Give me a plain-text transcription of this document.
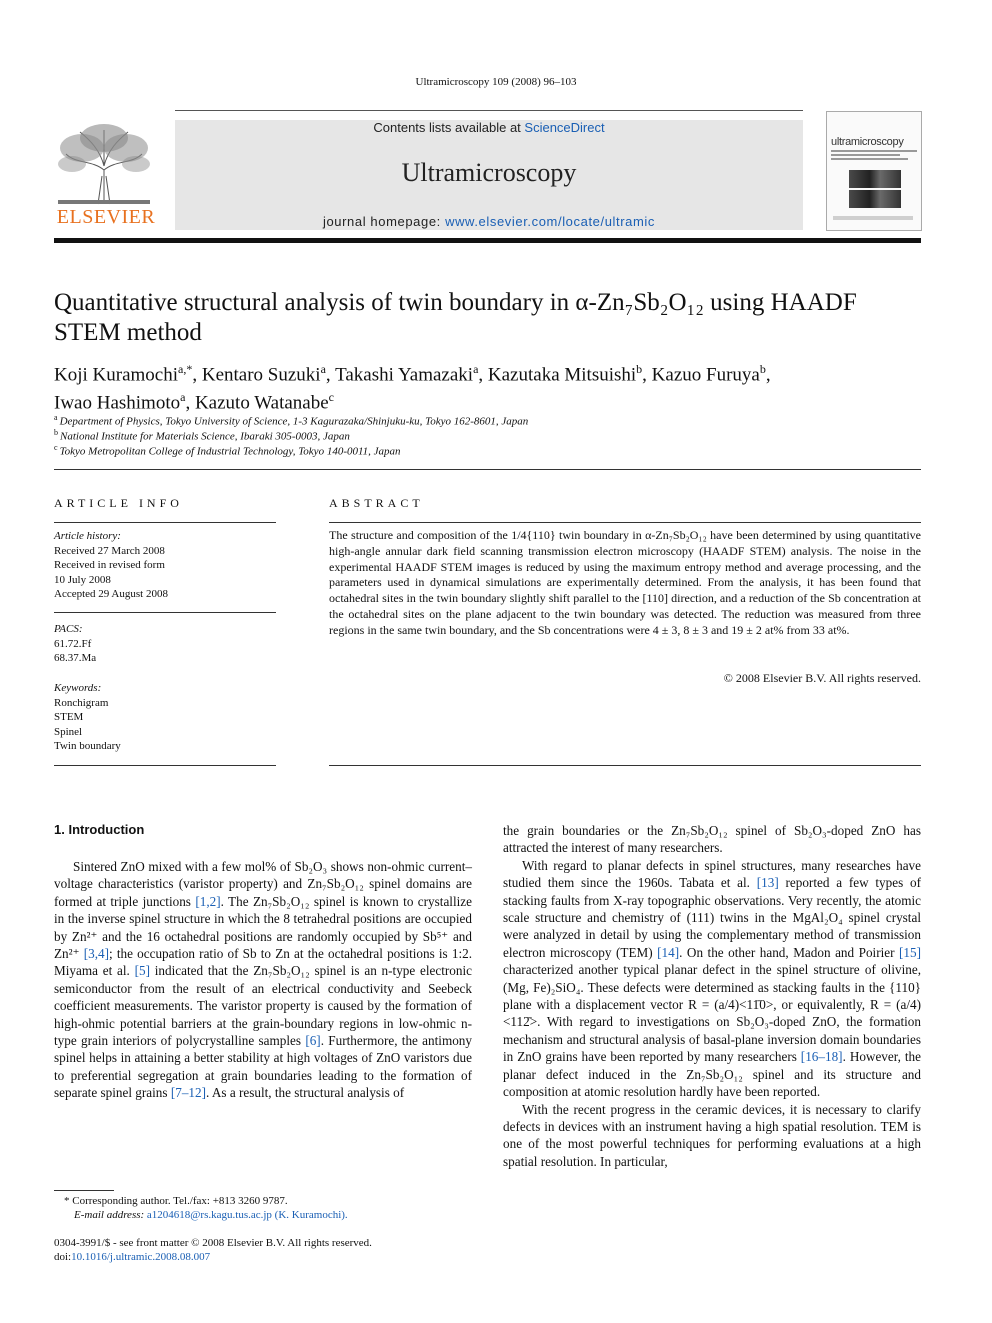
Ultramicroscopy 109 (2008) 96–103
ELSEVIER
Contents lists available at ScienceDirect
Ultramicroscopy
journal homepage: www.elsevier.com/locate/ultramic
ultramicroscopy
Quantitative structural analysis of twin boundary in α-Zn₇Sb₂O₁₂ using HAADF STEM method
Koji Kuramochi$^{a,*}$, Kentaro Suzuki$^a$, Takashi Yamazaki$^a$, Kazutaka Mitsuishi$^b$, Kazuo Furuya$^b$,
Iwao Hashimoto$^a$, Kazuto Watanabe$^c$
$^a$ Department of Physics, Tokyo University of Science, 1-3 Kagurazaka/Shinjuku-ku, Tokyo 162-8601, Japan
$^b$ National Institute for Materials Science, Ibaraki 305-0003, Japan
$^c$ Tokyo Metropolitan College of Industrial Technology, Tokyo 140-0011, Japan
ARTICLE INFO
Article history:
Received 27 March 2008
Received in revised form
10 July 2008
Accepted 29 August 2008
PACS:
61.72.Ff
68.37.Ma
Keywords:
Ronchigram
STEM
Spinel
Twin boundary
ABSTRACT
The structure and composition of the 1/4{110} twin boundary in α-Zn₇Sb₂O₁₂ have been determined by using quantitative high-angle annular dark field scanning transmission electron microscopy (HAADF STEM) analysis. The noise in the experimental HAADF STEM images is reduced by using the maximum entropy method and average processing, and the parameters used in dynamical simulations are experimentally determined. From the analysis, it has been found that octahedral sites in the twin boundary slightly shift parallel to the [110] direction, and a reduction of the Sb concentration at the octahedral sites on the plane adjacent to the twin boundary was detected. The reduction was measured from three regions in the same twin boundary, and the Sb concentrations were 4 ± 3, 8 ± 3 and 19 ± 2 at% from 33 at%.
© 2008 Elsevier B.V. All rights reserved.
1. Introduction

Sintered ZnO mixed with a few mol% of Sb₂O₃ shows non-ohmic current–voltage characteristics (varistor property) and Zn₇Sb₂O₁₂ spinel domains are formed at triple junctions [1,2]. The Zn₇Sb₂O₁₂ spinel is known to crystallize in the inverse spinel structure in which the 8 tetrahedral positions are occupied by Zn²⁺ and the 16 octahedral positions are randomly occupied by Sb⁵⁺ and Zn²⁺ [3,4]; the occupation ratio of Sb to Zn at the octahedral positions is 1:2. Miyama et al. [5] indicated that the Zn₇Sb₂O₁₂ spinel is an n-type electronic semiconductor from the result of an electrical conductivity and Seebeck coefficient measurements. The varistor property is caused by the formation of high-ohmic potential barriers at the grain-boundary regions in low-ohmic n-type grain interiors of polycrystalline samples [6]. Furthermore, the antimony spinel helps in attaining a better stability at high voltages of ZnO varistors due to preferential segregation at grain boundaries leading to the formation of separate spinel grains [7–12]. As a result, the structural analysis of

the grain boundaries or the Zn₇Sb₂O₁₂ spinel of Sb₂O₃-doped ZnO has attracted the interest of many researchers.

With regard to planar defects in spinel structures, many researches have studied them since the 1960s. Tabata et al. [13] reported a few types of stacking faults from X-ray topographic observations. Very recently, the atomic scale structure and chemistry of (111) twins in the MgAl₂O₄ spinel crystal were analyzed in detail by using the complementary method of transmission electron microscopy (TEM) [14]. On the other hand, Madon and Poirier [15] characterized another typical planar defect in the spinel structure of olivine, (Mg, Fe)₂SiO₄. These defects were determined as stacking faults in the {110} plane with a displacement vector R = (a/4)<11̄0>, or equivalently, R = (a/4)<112̄>. With regard to investigations on Sb₂O₃-doped ZnO, the formation mechanism and structural analysis of basal-plane inversion domain boundaries in ZnO grains have been reported by many researchers [16–18]. However, the planar defect induced in the Zn₇Sb₂O₁₂ spinel and its structure and composition at atomic resolution hardly have been reported.

With the recent progress in the ceramic devices, it is necessary to clarify defects in devices with an instrument having a high spatial resolution. TEM is one of the most powerful techniques for performing evaluations at a high spatial resolution. In particular,

* Corresponding author. Tel./fax: +813 3260 9787.
E-mail address: a1204618@rs.kagu.tus.ac.jp (K. Kuramochi).
0304-3991/$ - see front matter © 2008 Elsevier B.V. All rights reserved.
doi:10.1016/j.ultramic.2008.08.007
